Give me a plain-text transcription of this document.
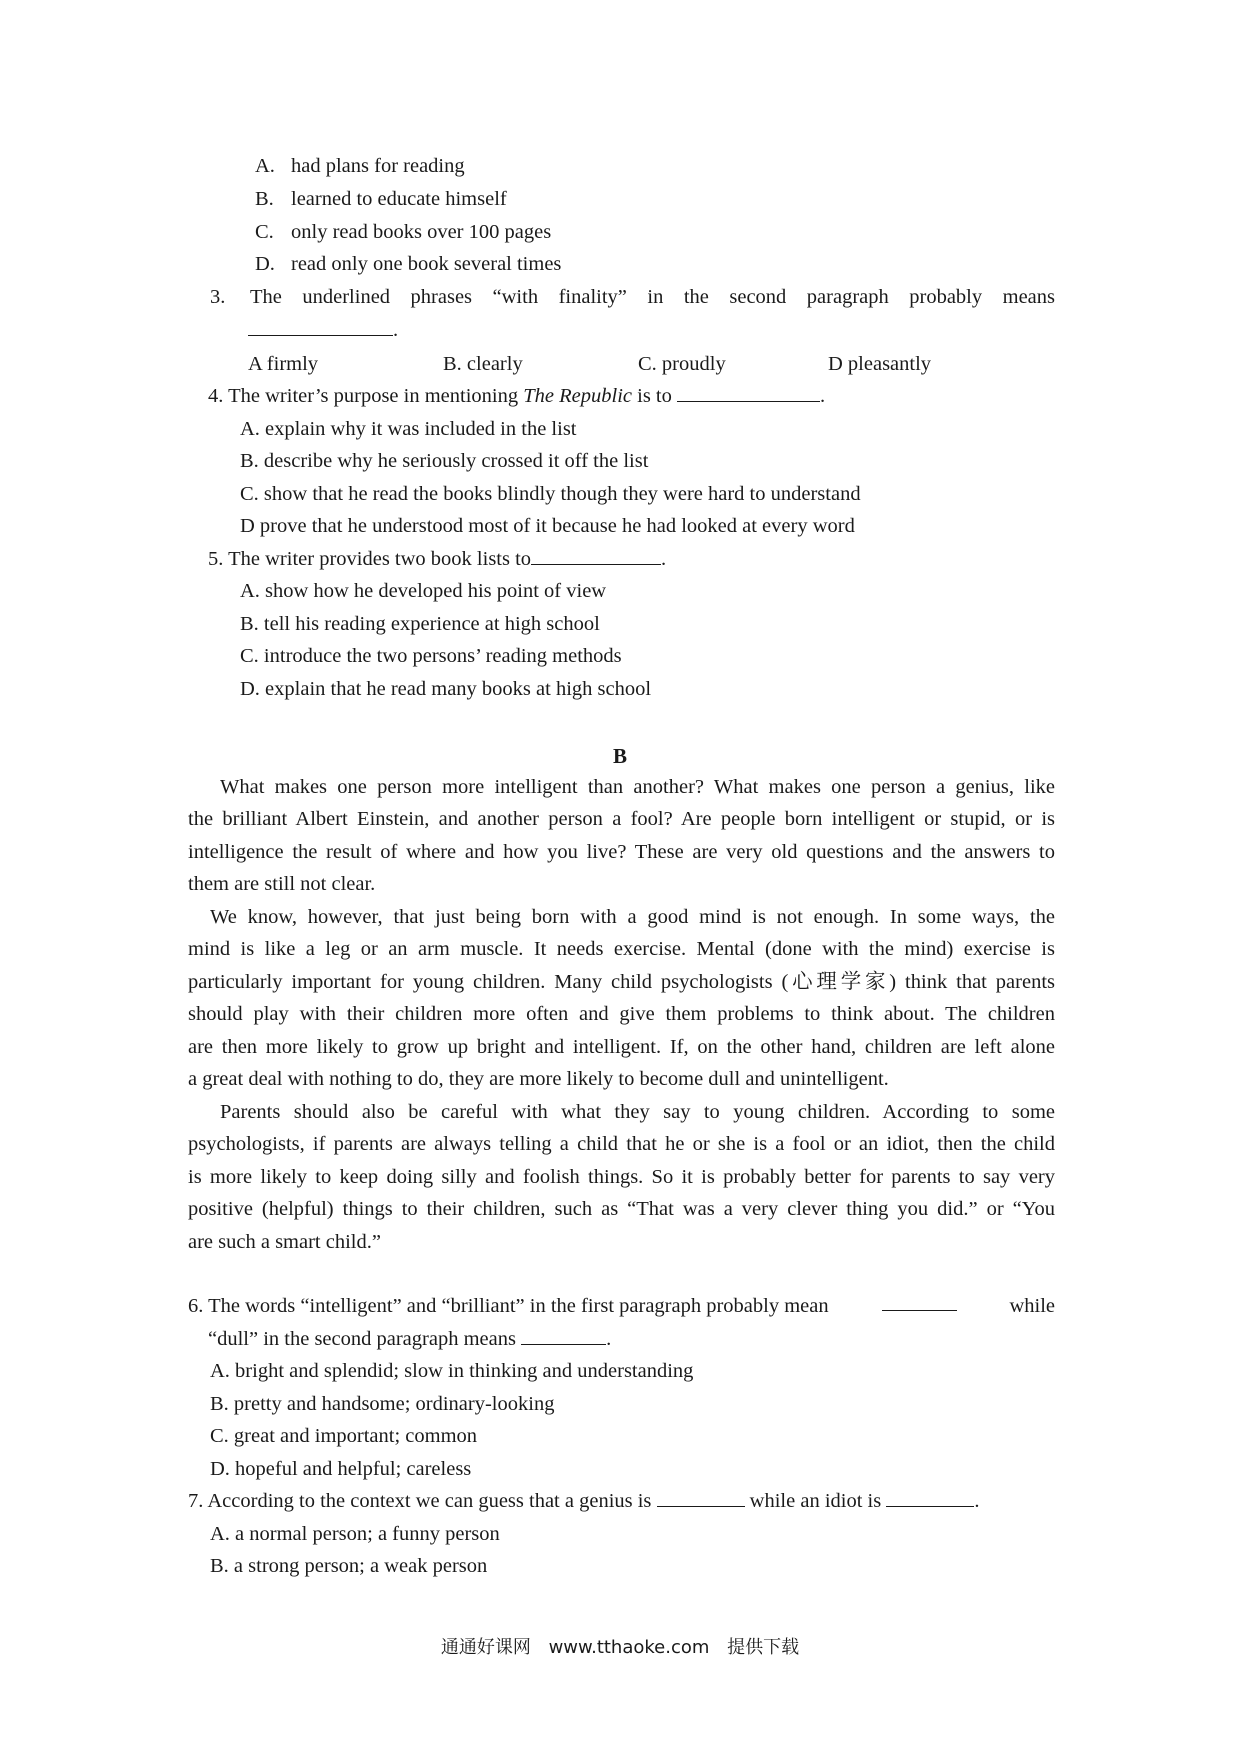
A. had plans for reading
B. learned to educate himself
C. only read books over 100 pages
D. read only one book several times
3. The underlined phrases “with finality” in the second paragraph probably means
.
A firmly	B. clearly	C. proudly	D pleasantly
4. The writer’s purpose in mentioning The Republic is to	.
A. explain why it was included in the list
B. describe why he seriously crossed it off the list
C. show that he read the books blindly though they were hard to understand
D prove that he understood most of it because he had looked at every word
5. The writer provides two book lists to	.
A. show how he developed his point of view
B. tell his reading experience at high school
C. introduce the two persons’ reading methods
D. explain that he read many books at high school
B
What makes one person more intelligent than another? What makes one person a genius, like
the brilliant Albert Einstein, and another person a fool? Are people born intelligent or stupid, or is
intelligence the result of where and how you live? These are very old questions and the answers to
them are still not clear.
We know, however, that just being born with a good mind is not enough. In some ways, the
mind is like a leg or an arm muscle. It needs exercise. Mental (done with the mind) exercise is
particularly important for young children. Many child psychologists (心理学家) think that parents
should play with their children more often and give them problems to think about. The children
are then more likely to grow up bright and intelligent. If, on the other hand, children are left alone
a great deal with nothing to do, they are more likely to become dull and unintelligent.
Parents should also be careful with what they say to young children. According to some
psychologists, if parents are always telling a child that he or she is a fool or an idiot, then the child
is more likely to keep doing silly and foolish things. So it is probably better for parents to say very
positive (helpful) things to their children, such as “That was a very clever thing you did.” or “You
are such a smart child.”
6. The words “intelligent” and “brilliant” in the first paragraph probably mean	while
“dull” in the second paragraph means	.
A. bright and splendid; slow in thinking and understanding
B. pretty and handsome; ordinary-looking
C. great and important; common
D. hopeful and helpful; careless
7. According to the context we can guess that a genius is	while an idiot is	.
A. a normal person; a funny person
B. a strong person; a weak person
通通好课网 www.tthaoke.com 提供下载
